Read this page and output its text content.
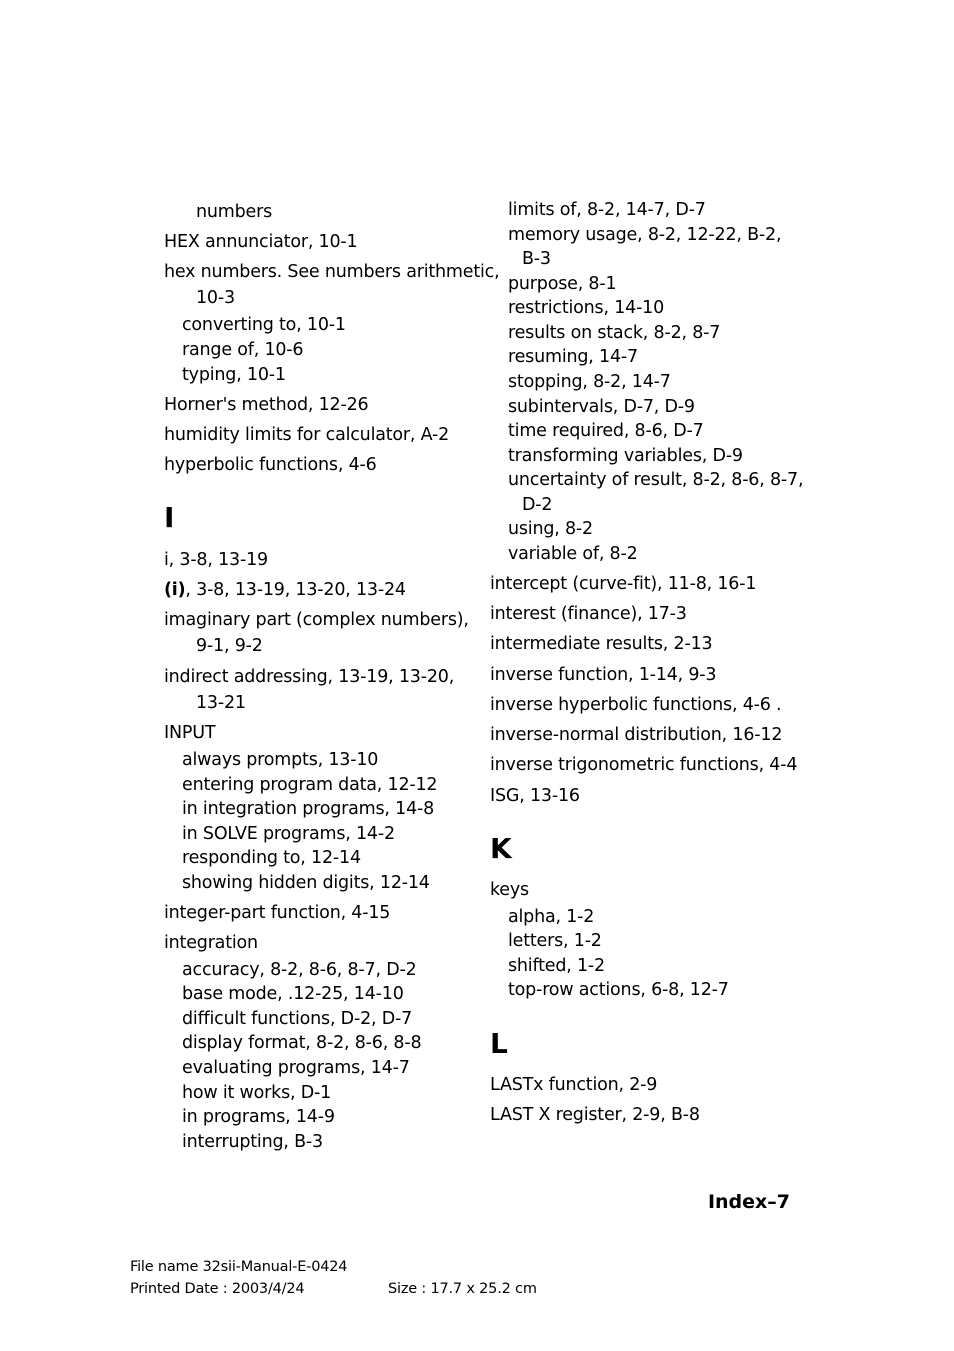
numbers
HEX annunciator, 10-1
hex numbers. See numbers arithmetic,
10-3
converting to, 10-1
range of, 10-6
typing, 10-1
Horner's method, 12-26
humidity limits for calculator, A-2
hyperbolic functions, 4-6
I
i, 3-8, 13-19
(i), 3-8, 13-19, 13-20, 13-24
imaginary part (complex numbers),
9-1, 9-2
indirect addressing, 13-19, 13-20,
13-21
INPUT
always prompts, 13-10
entering program data, 12-12
in integration programs, 14-8
in SOLVE programs, 14-2
responding to, 12-14
showing hidden digits, 12-14
integer-part function, 4-15
integration
accuracy, 8-2, 8-6, 8-7, D-2
base mode, .12-25, 14-10
difficult functions, D-2, D-7
display format, 8-2, 8-6, 8-8
evaluating programs, 14-7
how it works, D-1
in programs, 14-9
interrupting, B-3
limits of, 8-2, 14-7, D-7
memory usage, 8-2, 12-22, B-2,
B-3
purpose, 8-1
restrictions, 14-10
results on stack, 8-2, 8-7
resuming, 14-7
stopping, 8-2, 14-7
subintervals, D-7, D-9
time required, 8-6, D-7
transforming variables, D-9
uncertainty of result, 8-2, 8-6, 8-7,
D-2
using, 8-2
variable of, 8-2
intercept (curve-fit), 11-8, 16-1
interest (finance), 17-3
intermediate results, 2-13
inverse function, 1-14, 9-3
inverse hyperbolic functions, 4-6 .
inverse-normal distribution, 16-12
inverse trigonometric functions, 4-4
ISG, 13-16
K
keys
alpha, 1-2
letters, 1-2
shifted, 1-2
top-row actions, 6-8, 12-7
L
LASTx function, 2-9
LAST X register, 2-9, B-8
Index–7
File name 32sii-Manual-E-0424
Printed Date : 2003/4/24	Size : 17.7 x 25.2 cm
